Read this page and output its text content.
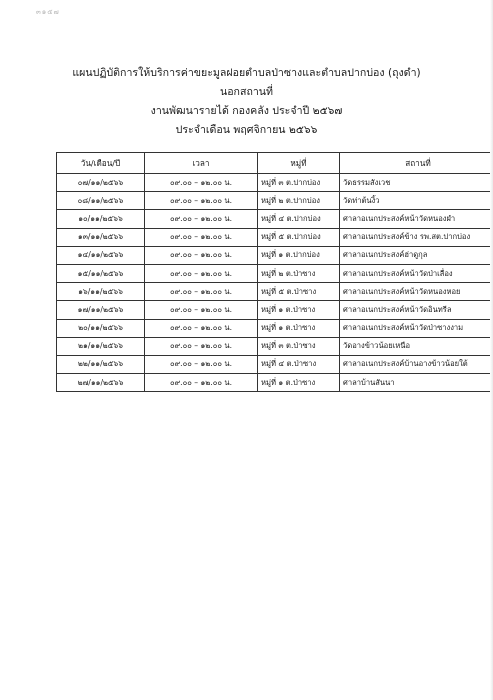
๓๑๕๗
แผนปฏิบัติการให้บริการค่าขยะมูลฝอยตำบลป่าซางและตำบลปากบ่อง (ถุงดำ)
นอกสถานที่
งานพัฒนารายได้ กองคลัง ประจำปี ๒๕๖๗
ประจำเดือน พฤศจิกายน ๒๕๖๖
วัน/เดือน/ปี	เวลา	หมู่ที่	สถานที่
๐๗/๑๑/๒๕๖๖	๐๙.๐๐ – ๑๒.๐๐ น.	หมู่ที่ ๓ ต.ปากบ่อง	วัดธรรมสังเวช
๐๘/๑๑/๒๕๖๖	๐๙.๐๐ – ๑๒.๐๐ น.	หมู่ที่ ๒ ต.ปากบ่อง	วัดท่าต้นงิ้ว
๑๐/๑๑/๒๕๖๖	๐๙.๐๐ – ๑๒.๐๐ น.	หมู่ที่ ๔ ต.ปากบ่อง	ศาลาอเนกประสงค์หน้าวัดหนองผำ
๑๓/๑๑/๒๕๖๖	๐๙.๐๐ – ๑๒.๐๐ น.	หมู่ที่ ๕ ต.ปากบ่อง	ศาลาอเนกประสงค์ข้าง รพ.สต.ปากบ่อง
๑๔/๑๑/๒๕๖๖	๐๙.๐๐ – ๑๒.๐๐ น.	หมู่ที่ ๑ ต.ปากบ่อง	ศาลาอเนกประสงค์ฮ่าดูกุล
๑๕/๑๑/๒๕๖๖	๐๙.๐๐ – ๑๒.๐๐ น.	หมู่ที่ ๒ ต.ป่าซาง	ศาลาอเนกประสงค์หน้าวัดป่าเลื่อง
๑๖/๑๑/๒๕๖๖	๐๙.๐๐ – ๑๒.๐๐ น.	หมู่ที่ ๕ ต.ป่าซาง	ศาลาอเนกประสงค์หน้าวัดหนองหอย
๑๗/๑๑/๒๕๖๖	๐๙.๐๐ – ๑๒.๐๐ น.	หมู่ที่ ๑ ต.ป่าซาง	ศาลาอเนกประสงค์หน้าวัดอินทรีล
๒๐/๑๑/๒๕๖๖	๐๙.๐๐ – ๑๒.๐๐ น.	หมู่ที่ ๑ ต.ป่าซาง	ศาลาอเนกประสงค์หน้าวัดป่าซางงาม
๒๑/๑๑/๒๕๖๖	๐๙.๐๐ – ๑๒.๐๐ น.	หมู่ที่ ๓ ต.ป่าซาง	วัดอางข้าวน้อยเหนือ
๒๒/๑๑/๒๕๖๖	๐๙.๐๐ – ๑๒.๐๐ น.	หมู่ที่ ๔ ต.ป่าซาง	ศาลาอเนกประสงค์บ้านอางข้าวน้อยใต้
๒๗/๑๑/๒๕๖๖	๐๙.๐๐ – ๑๒.๐๐ น.	หมู่ที่ ๑ ต.ป่าซาง	ศาลาบ้านสันนา
